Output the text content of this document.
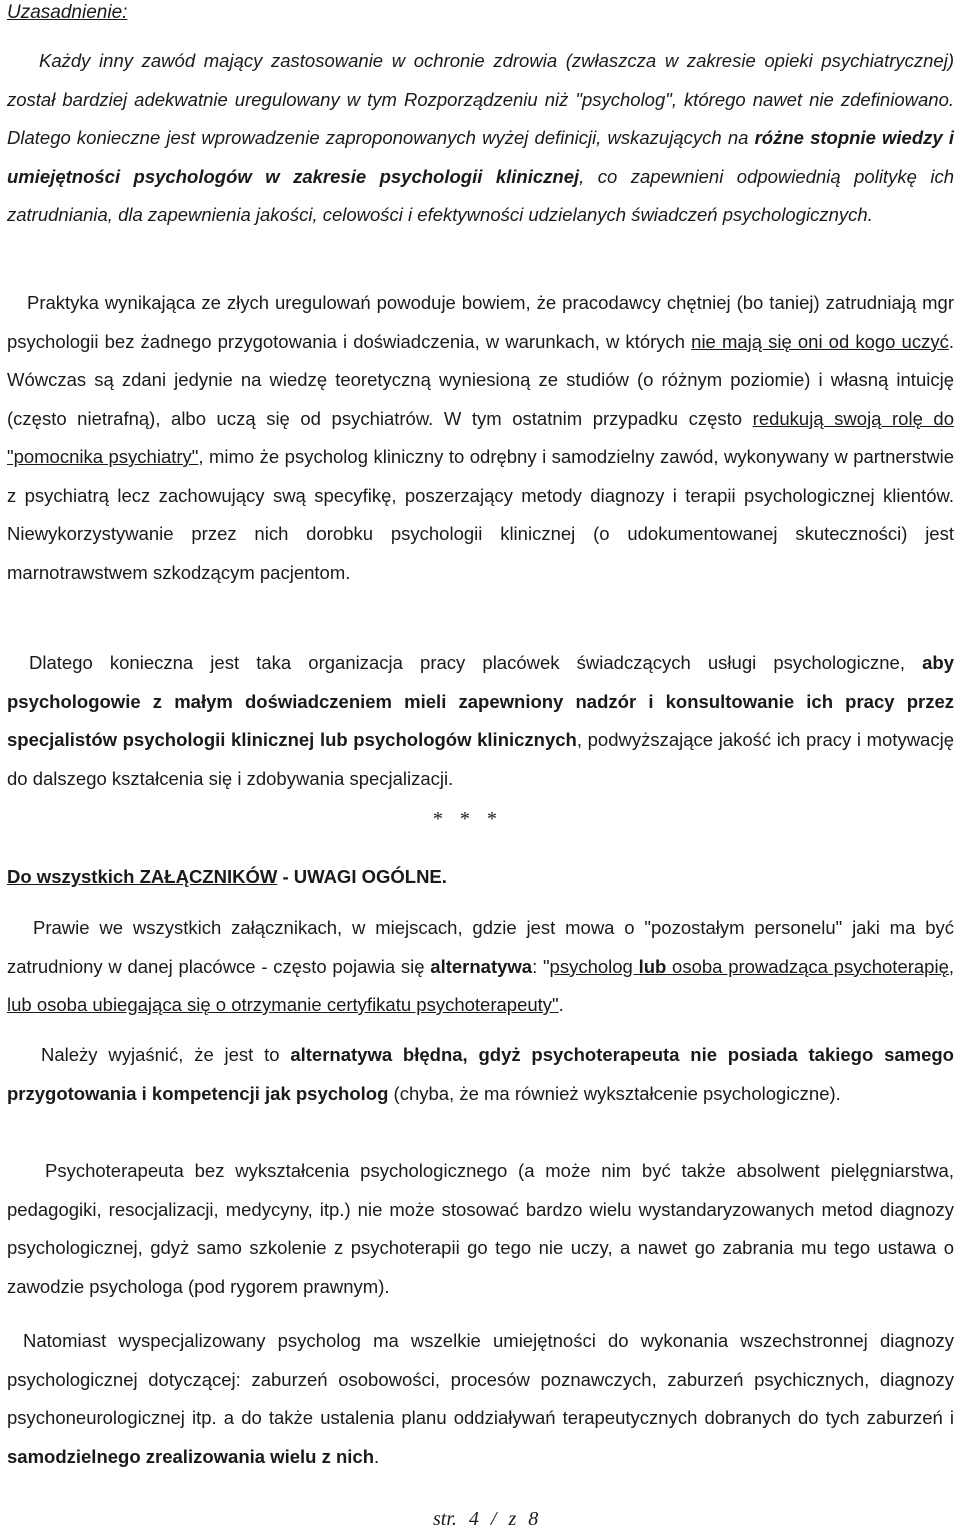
Uzasadnienie:

Każdy inny zawód mający zastosowanie w ochronie zdrowia (zwłaszcza w zakresie opieki psychiatrycznej) został bardziej adekwatnie uregulowany w tym Rozporządzeniu niż "psycholog", którego nawet nie zdefiniowano. Dlatego konieczne jest wprowadzenie zaproponowanych wyżej definicji, wskazujących na różne stopnie wiedzy i umiejętności psychologów w zakresie psychologii klinicznej, co zapewnieni odpowiednią politykę ich zatrudniania, dla zapewnienia jakości, celowości i efektywności udzielanych świadczeń psychologicznych.

Praktyka wynikająca ze złych uregulowań powoduje bowiem, że pracodawcy chętniej (bo taniej) zatrudniają mgr psychologii bez żadnego przygotowania i doświadczenia, w warunkach, w których nie mają się oni od kogo uczyć. Wówczas są zdani jedynie na wiedzę teoretyczną wyniesioną ze studiów (o różnym poziomie) i własną intuicję (często nietrafną), albo uczą się od psychiatrów. W tym ostatnim przypadku często redukują swoją rolę do "pomocnika psychiatry", mimo że psycholog kliniczny to odrębny i samodzielny zawód, wykonywany w partnerstwie z psychiatrą lecz zachowujący swą specyfikę, poszerzający metody diagnozy i terapii psychologicznej klientów. Niewykorzystywanie przez nich dorobku psychologii klinicznej (o udokumentowanej skuteczności) jest marnotrawstwem szkodzącym pacjentom.

Dlatego konieczna jest taka organizacja pracy placówek świadczących usługi psychologiczne, aby psychologowie z małym doświadczeniem mieli zapewniony nadzór i konsultowanie ich pracy przez specjalistów psychologii klinicznej lub psychologów klinicznych, podwyższające jakość ich pracy i motywację do dalszego kształcenia się i zdobywania specjalizacji.

* * *
Do wszystkich ZAŁĄCZNIKÓW - UWAGI OGÓLNE.

Prawie we wszystkich załącznikach, w miejscach, gdzie jest mowa o "pozostałym personelu" jaki ma być zatrudniony w danej placówce - często pojawia się alternatywa: "psycholog lub osoba prowadząca psychoterapię, lub osoba ubiegająca się o otrzymanie certyfikatu psychoterapeuty".

Należy wyjaśnić, że jest to alternatywa błędna, gdyż psychoterapeuta nie posiada takiego samego przygotowania i kompetencji jak psycholog (chyba, że ma również wykształcenie psychologiczne).

Psychoterapeuta bez wykształcenia psychologicznego (a może nim być także absolwent pielęgniarstwa, pedagogiki, resocjalizacji, medycyny, itp.) nie może stosować bardzo wielu wystandaryzowanych metod diagnozy psychologicznej, gdyż samo szkolenie z psychoterapii go tego nie uczy, a nawet go zabrania mu tego ustawa o zawodzie psychologa (pod rygorem prawnym).

Natomiast wyspecjalizowany psycholog ma wszelkie umiejętności do wykonania wszechstronnej diagnozy psychologicznej dotyczącej: zaburzeń osobowości, procesów poznawczych, zaburzeń psychicznych, diagnozy psychoneurologicznej itp. a do także ustalenia planu oddziaływań terapeutycznych dobranych do tych zaburzeń i samodzielnego zrealizowania wielu z nich.

str. 4 / z 8
